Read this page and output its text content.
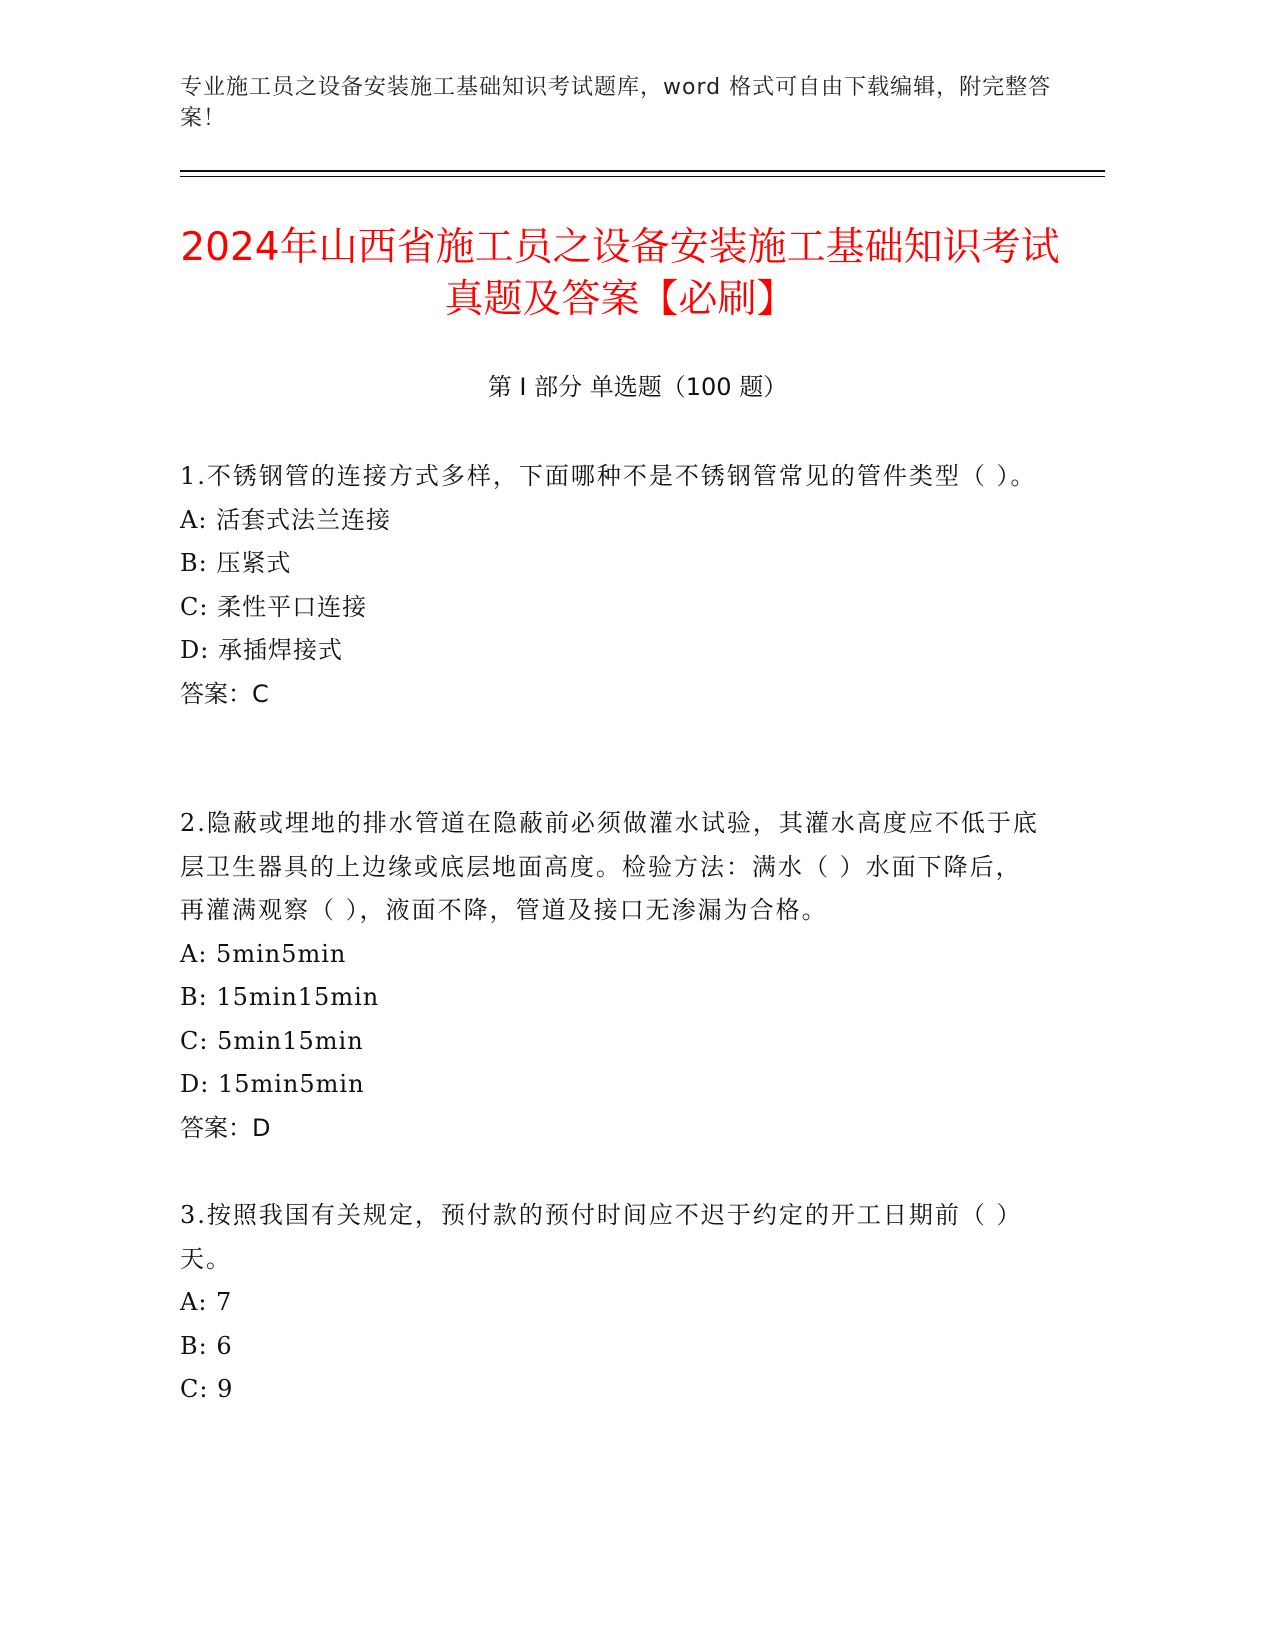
专业施工员之设备安装施工基础知识考试题库，word 格式可自由下载编辑，附完整答案！
2024年山西省施工员之设备安装施工基础知识考试真题及答案【必刷】
第 I 部分 单选题（100 题）

1.不锈钢管的连接方式多样，下面哪种不是不锈钢管常见的管件类型（ ）。

A: 活套式法兰连接

B: 压紧式

C: 柔性平口连接

D: 承插焊接式

答案：C

2.隐蔽或埋地的排水管道在隐蔽前必须做灌水试验，其灌水高度应不低于底层卫生器具的上边缘或底层地面高度。检验方法：满水（ ）水面下降后，再灌满观察（ ），液面不降，管道及接口无渗漏为合格。

A: 5min5min

B: 15min15min

C: 5min15min

D: 15min5min

答案：D

3.按照我国有关规定，预付款的预付时间应不迟于约定的开工日期前（ ）天。

A: 7

B: 6

C: 9
